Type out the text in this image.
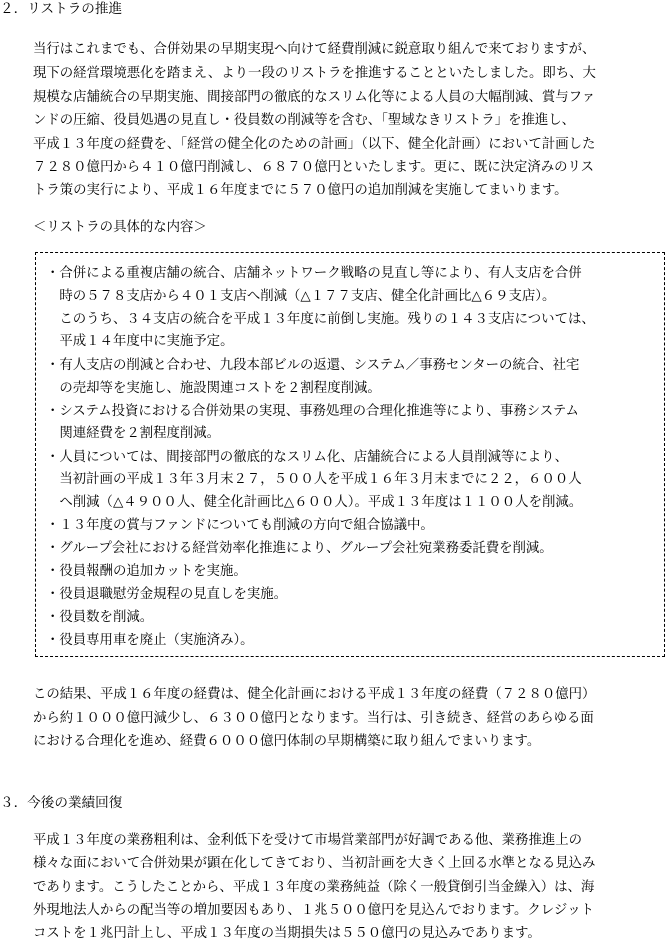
２．リストラの推進
当行はこれまでも、合併効果の早期実現へ向けて経費削減に鋭意取り組んで来ておりますが、
現下の経営環境悪化を踏まえ、より一段のリストラを推進することといたしました。即ち、大
規模な店舗統合の早期実施、間接部門の徹底的なスリム化等による人員の大幅削減、賞与ファ
ンドの圧縮、役員処遇の見直し・役員数の削減等を含む、「聖域なきリストラ」を推進し、
平成１３年度の経費を、「経営の健全化のための計画」（以下、健全化計画）において計画した
７２８０億円から４１０億円削減し、６８７０億円といたします。更に、既に決定済みのリス
トラ策の実行により、平成１６年度までに５７０億円の追加削減を実施してまいります。
＜リストラの具体的な内容＞
・合併による重複店舗の統合、店舗ネットワーク戦略の見直し等により、有人支店を合併
　時の５７８支店から４０１支店へ削減（△１７７支店、健全化計画比△６９支店）。
　このうち、３４支店の統合を平成１３年度に前倒し実施。残りの１４３支店については、
　平成１４年度中に実施予定。
・有人支店の削減と合わせ、九段本部ビルの返還、システム／事務センターの統合、社宅
　の売却等を実施し、施設関連コストを２割程度削減。
・システム投資における合併効果の実現、事務処理の合理化推進等により、事務システム
　関連経費を２割程度削減。
・人員については、間接部門の徹底的なスリム化、店舗統合による人員削減等により、
　当初計画の平成１３年３月末２７，５００人を平成１６年３月末までに２２，６００人
　へ削減（△４９００人、健全化計画比△６００人）。平成１３年度は１１００人を削減。
・１３年度の賞与ファンドについても削減の方向で組合協議中。
・グループ会社における経営効率化推進により、グループ会社宛業務委託費を削減。
・役員報酬の追加カットを実施。
・役員退職慰労金規程の見直しを実施。
・役員数を削減。
・役員専用車を廃止（実施済み）。
この結果、平成１６年度の経費は、健全化計画における平成１３年度の経費（７２８０億円）
から約１０００億円減少し、６３００億円となります。当行は、引き続き、経営のあらゆる面
における合理化を進め、経費６０００億円体制の早期構築に取り組んでまいります。
３．今後の業績回復
平成１３年度の業務粗利は、金利低下を受けて市場営業部門が好調である他、業務推進上の
様々な面において合併効果が顕在化してきており、当初計画を大きく上回る水準となる見込み
であります。こうしたことから、平成１３年度の業務純益（除く一般貸倒引当金繰入）は、海
外現地法人からの配当等の増加要因もあり、１兆５００億円を見込んでおります。クレジット
コストを１兆円計上し、平成１３年度の当期損失は５５０億円の見込みであります。
